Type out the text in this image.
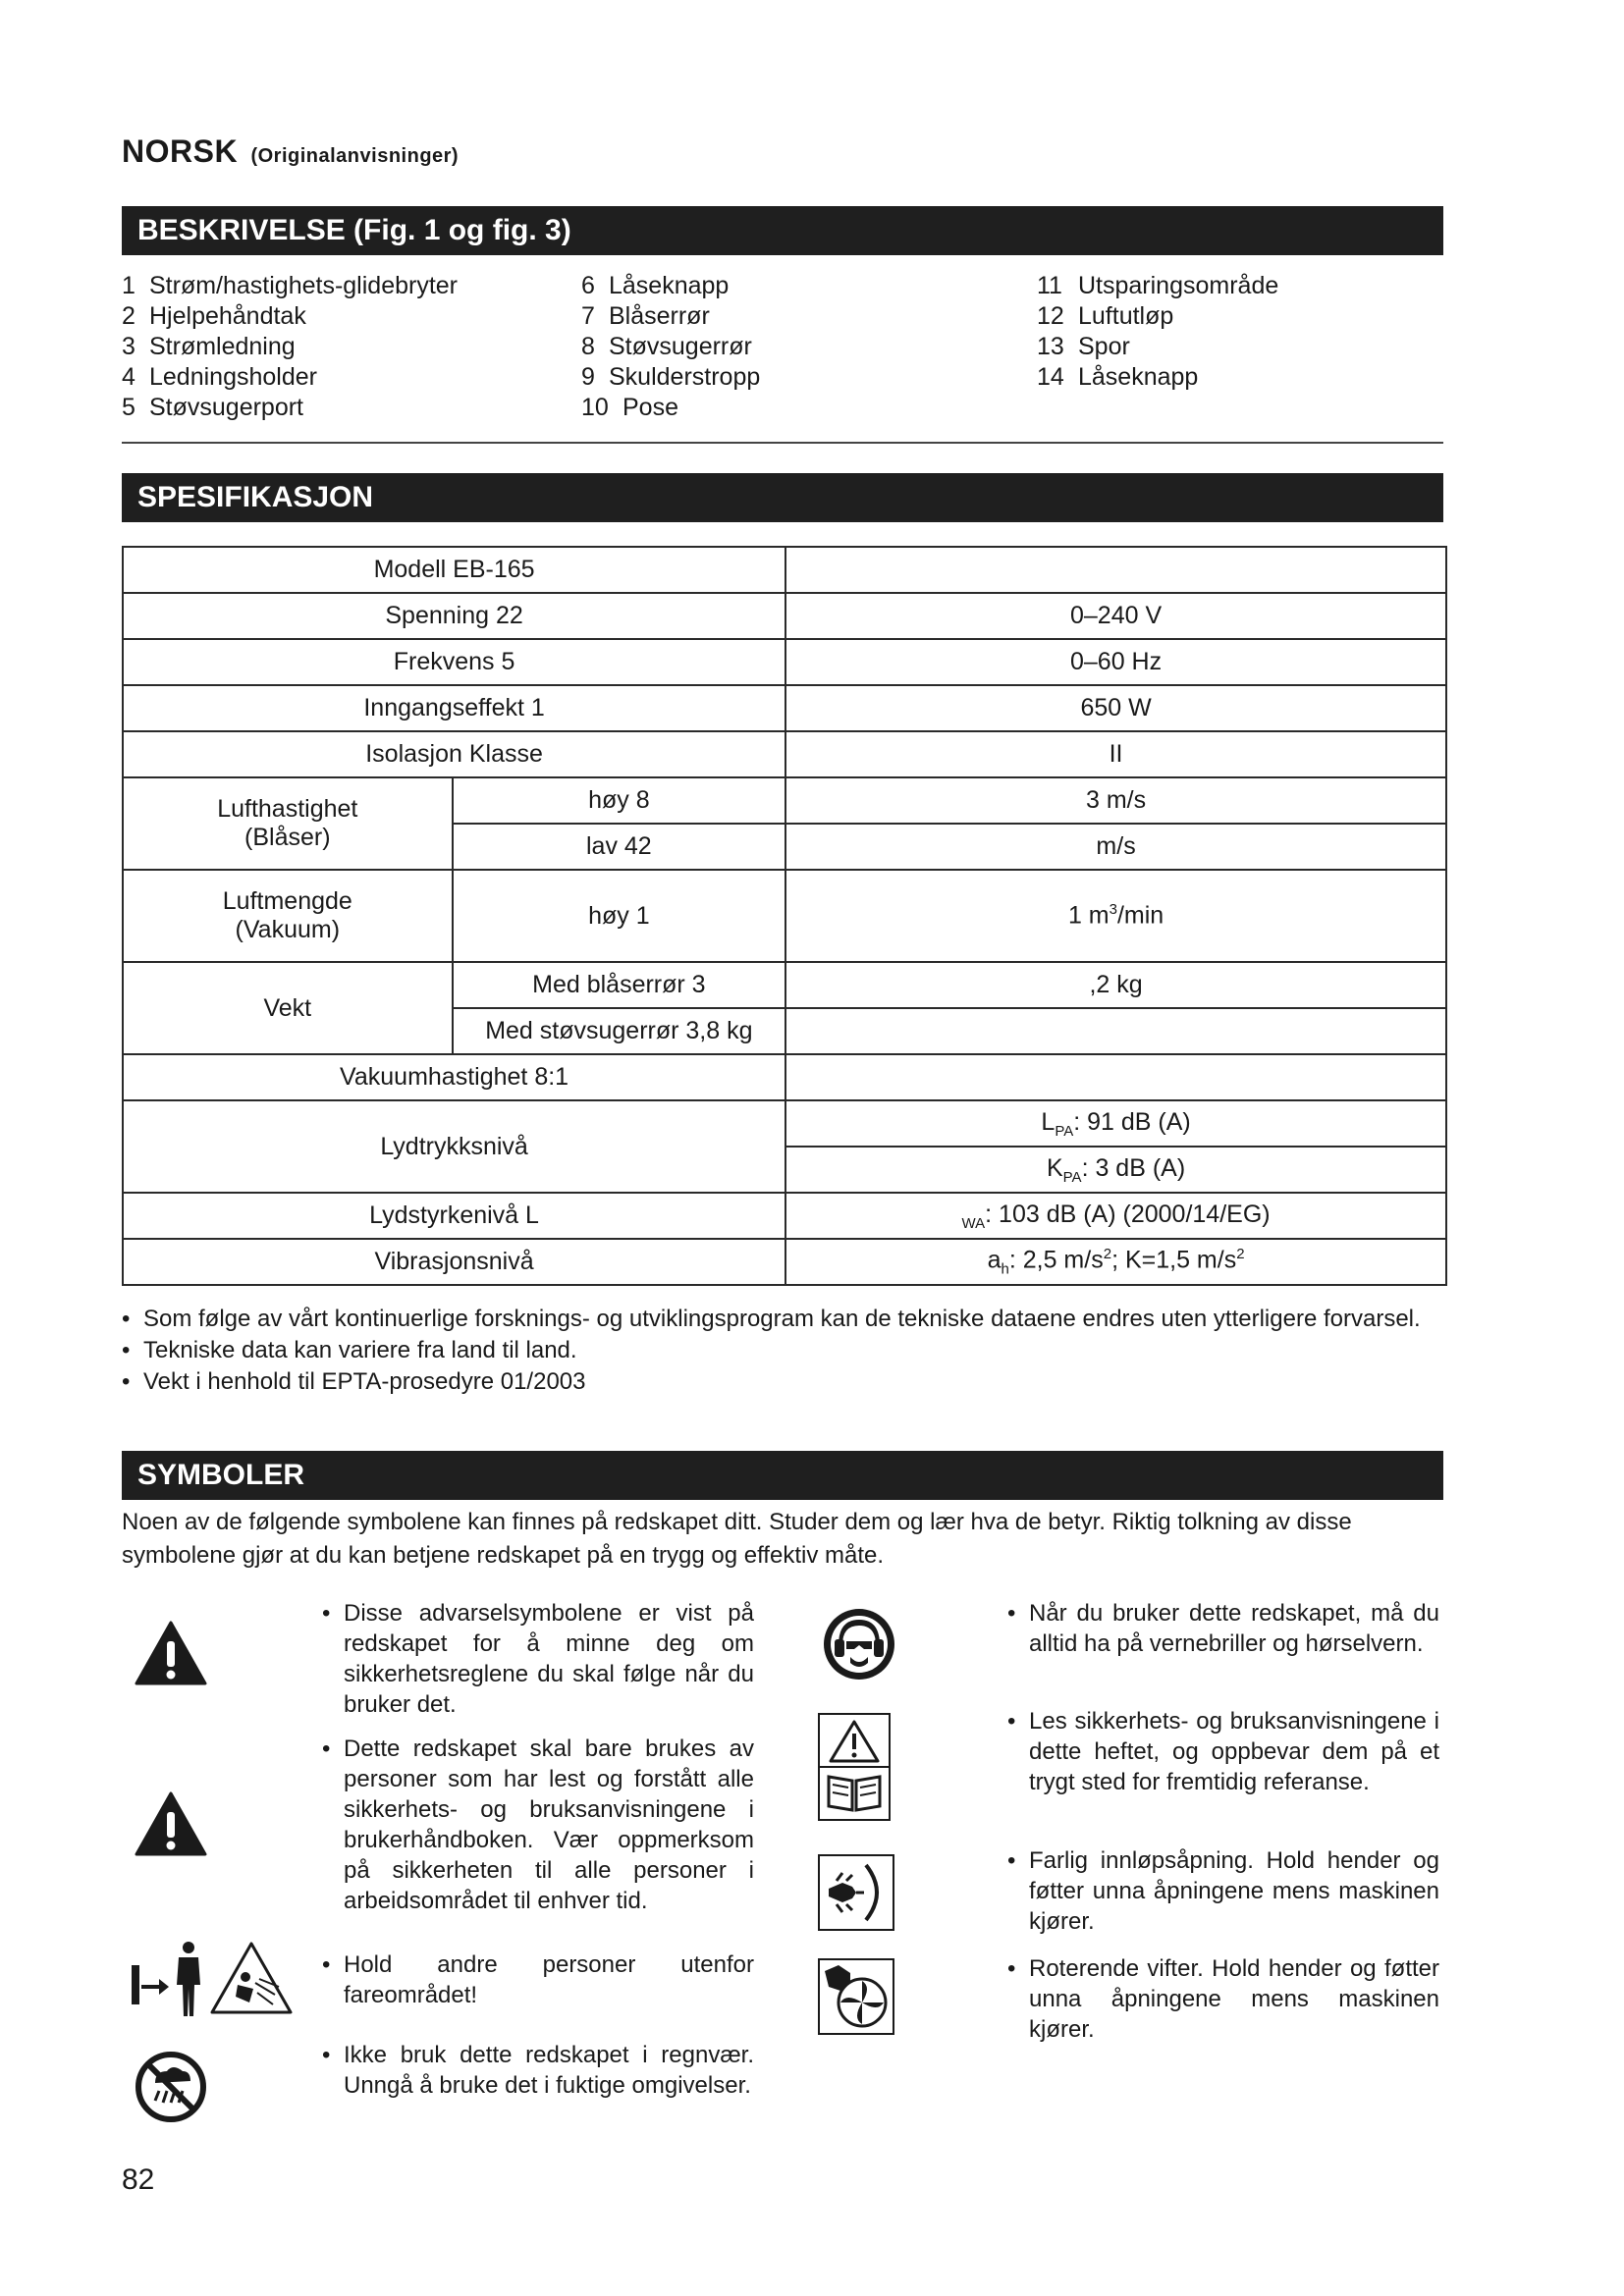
NORSK (Originalanvisninger)
BESKRIVELSE (Fig. 1 og fig. 3)
1 Strøm/hastighets-glidebryter
2 Hjelpehåndtak
3 Strømledning
4 Ledningsholder
5 Støvsugerport
6 Låseknapp
7 Blåserrør
8 Støvsugerrør
9 Skulderstropp
10 Pose
11 Utsparingsområde
12 Luftutløp
13 Spor
14 Låseknapp
SPESIFIKASJON
Modell EB-165		
Spenning 22		0–240 V
Frekvens 5		0–60 Hz
Inngangseffekt 1		650 W
Isolasjon Klasse		II

Lufthastighet
(Blåser)	høy 8	3 m/s
	lav 42	m/s

Luftmengde
(Vakuum)	høy 1	1 $m^3/\min$
Vekt	Med blåserrør 3	,2 kg
	Med støvsugerrør 3,8 kg	
Vakuumhastighet 8:1		
Lydtrykksnivå		$L_{PA}$: 91 dB (A)
		$K_{PA}$: 3 dB (A)
Lydstyrkenivå L		$_{WA}$: 103 dB (A) (2000/14/EG)
Vibrasjonsnivå		$a_h$: 2,5 $m/s^2$; K=1,5 $m/s^2$
• Som følge av vårt kontinuerlige forsknings- og utviklingsprogram kan de tekniske dataene endres uten ytterligere forvarsel.
• Tekniske data kan variere fra land til land.
• Vekt i henhold til EPTA-prosedyre 01/2003
SYMBOLER
Noen av de følgende symbolene kan finnes på redskapet ditt. Studer dem og lær hva de betyr. Riktig tolkning av disse symbolene gjør at du kan betjene redskapet på en trygg og effektiv måte.
• Disse advarselsymbolene er vist på redskapet for å minne deg om sikkerhetsreglene du skal følge når du bruker det.
• Dette redskapet skal bare brukes av personer som har lest og forstått alle sikkerhets- og bruksanvisningene i brukerhåndboken. Vær oppmerksom på sikkerheten til alle personer i arbeidsområdet til enhver tid.
• Hold andre personer utenfor fareområdet!
• Ikke bruk dette redskapet i regnvær. Unngå å bruke det i fuktige omgivelser.
• Når du bruker dette redskapet, må du alltid ha på vernebriller og hørselvern.
• Les sikkerhets- og bruksanvisningene i dette heftet, og oppbevar dem på et trygt sted for fremtidig referanse.
• Farlig innløpsåpning. Hold hender og føtter unna åpningene mens maskinen kjører.
• Roterende vifter. Hold hender og føtter unna åpningene mens maskinen kjører.
82
